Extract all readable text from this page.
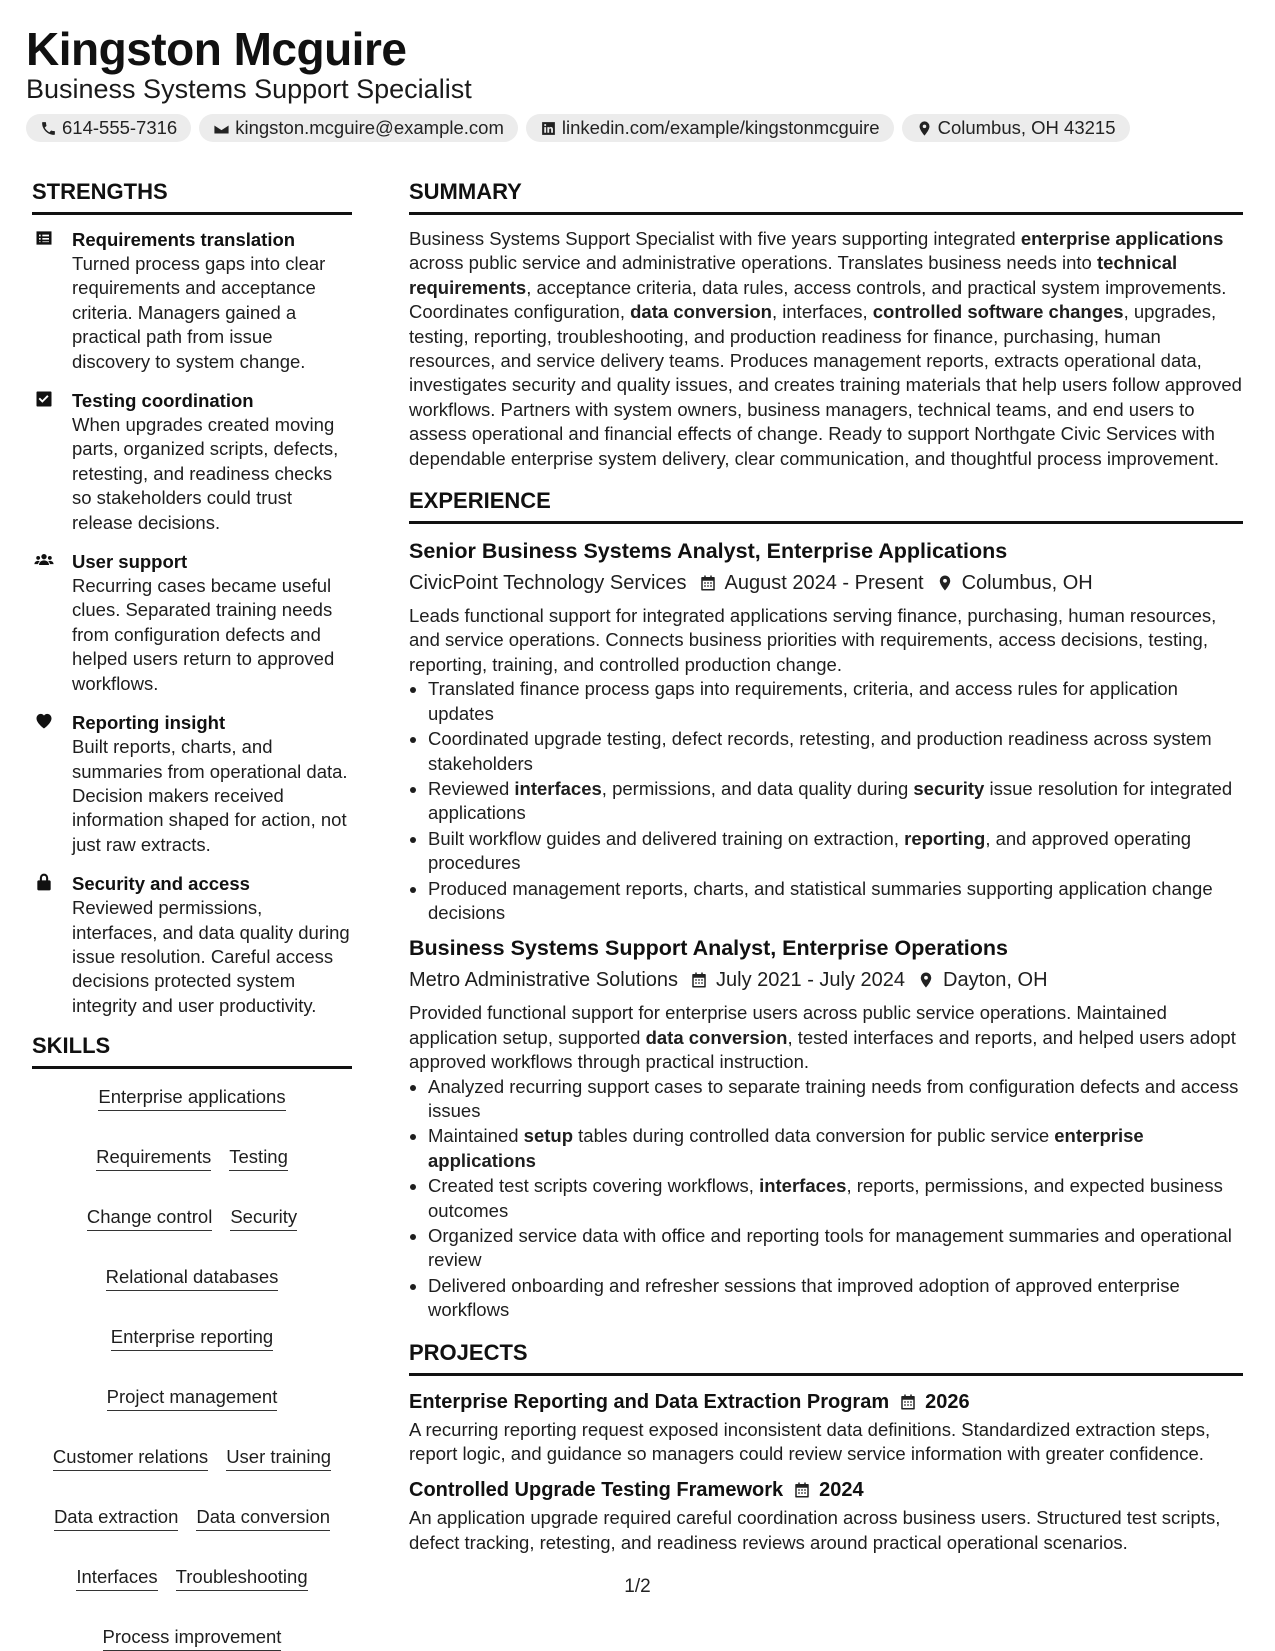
Kingston Mcguire
Business Systems Support Specialist
614-555-7316	kingston.mcguire@example.com	linkedin.com/example/kingstonmcguire	Columbus, OH 43215
STRENGTHS
Requirements translation
Turned process gaps into clear requirements and acceptance criteria. Managers gained a practical path from issue discovery to system change.
Testing coordination
When upgrades created moving parts, organized scripts, defects, retesting, and readiness checks so stakeholders could trust release decisions.
User support
Recurring cases became useful clues. Separated training needs from configuration defects and helped users return to approved workflows.
Reporting insight
Built reports, charts, and summaries from operational data. Decision makers received information shaped for action, not just raw extracts.
Security and access
Reviewed permissions, interfaces, and data quality during issue resolution. Careful access decisions protected system integrity and user productivity.
SKILLS
Enterprise applications
Requirements Testing
Change control Security
Relational databases
Enterprise reporting
Project management
Customer relations User training
Data extraction Data conversion
Interfaces Troubleshooting
Process improvement
SUMMARY

Business Systems Support Specialist with five years supporting integrated enterprise applications across public service and administrative operations. Translates business needs into technical requirements, acceptance criteria, data rules, access controls, and practical system improvements. Coordinates configuration, data conversion, interfaces, controlled software changes, upgrades, testing, reporting, troubleshooting, and production readiness for finance, purchasing, human resources, and service delivery teams. Produces management reports, extracts operational data, investigates security and quality issues, and creates training materials that help users follow approved workflows. Partners with system owners, business managers, technical teams, and end users to assess operational and financial effects of change. Ready to support Northgate Civic Services with dependable enterprise system delivery, clear communication, and thoughtful process improvement.

EXPERIENCE
Senior Business Systems Analyst, Enterprise Applications
CivicPoint Technology Services August 2024 - Present Columbus, OH

Leads functional support for integrated applications serving finance, purchasing, human resources, and service operations. Connects business priorities with requirements, access decisions, testing, reporting, training, and controlled production change.

• Translated finance process gaps into requirements, criteria, and access rules for application updates
• Coordinated upgrade testing, defect records, retesting, and production readiness across system stakeholders
• Reviewed interfaces, permissions, and data quality during security issue resolution for integrated applications
• Built workflow guides and delivered training on extraction, reporting, and approved operating procedures
• Produced management reports, charts, and statistical summaries supporting application change decisions
Business Systems Support Analyst, Enterprise Operations
Metro Administrative Solutions July 2021 - July 2024 Dayton, OH

Provided functional support for enterprise users across public service operations. Maintained application setup, supported data conversion, tested interfaces and reports, and helped users adopt approved workflows through practical instruction.

• Analyzed recurring support cases to separate training needs from configuration defects and access issues
• Maintained setup tables during controlled data conversion for public service enterprise applications
• Created test scripts covering workflows, interfaces, reports, permissions, and expected business outcomes
• Organized service data with office and reporting tools for management summaries and operational review
• Delivered onboarding and refresher sessions that improved adoption of approved enterprise workflows
PROJECTS
Enterprise Reporting and Data Extraction Program 2026

A recurring reporting request exposed inconsistent data definitions. Standardized extraction steps, report logic, and guidance so managers could review service information with greater confidence.

Controlled Upgrade Testing Framework 2024

An application upgrade required careful coordination across business users. Structured test scripts, defect tracking, retesting, and readiness reviews around practical operational scenarios.

1/2
